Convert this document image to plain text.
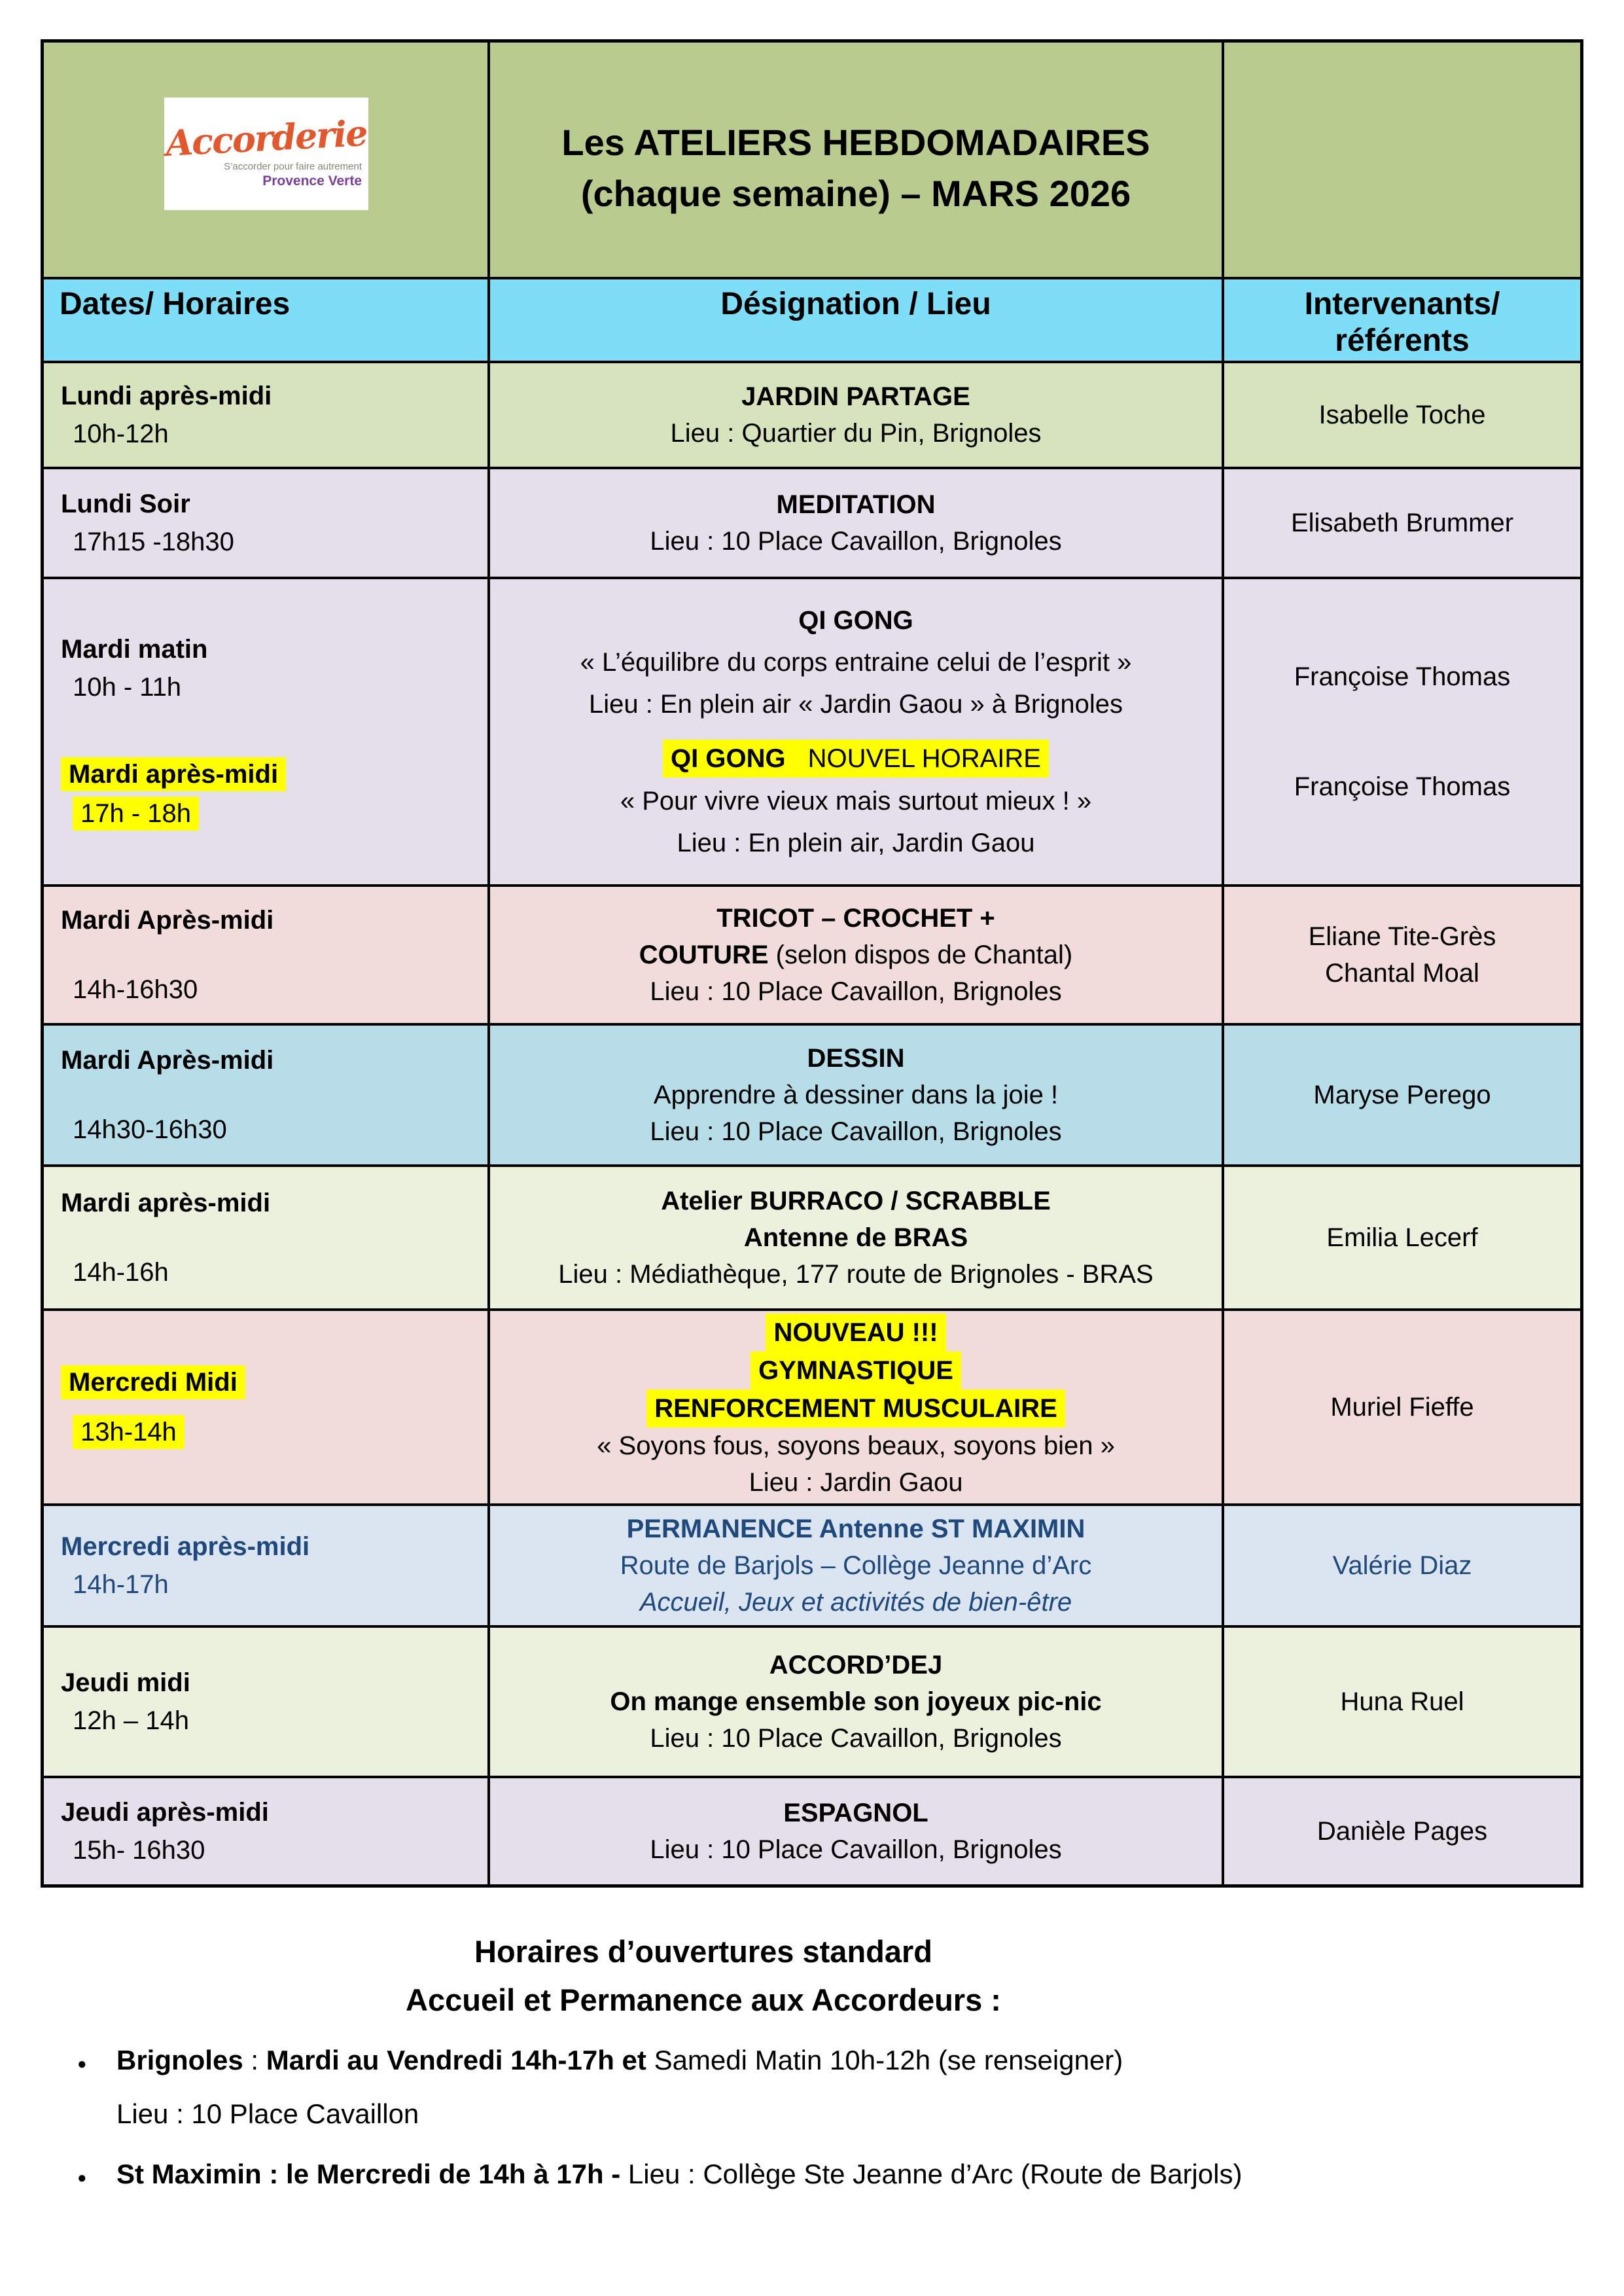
Accorderie
S’accorder pour faire autrement
Provence Verte
Les ATELIERS HEBDOMADAIRES
(chaque semaine) – MARS 2026
Dates/ Horaires	Désignation / Lieu	Intervenants/
référents
Lundi après-midi
10h-12h
JARDIN PARTAGE
Lieu : Quartier du Pin, Brignoles
Isabelle Toche
Lundi Soir
17h15 -18h30
MEDITATION
Lieu : 10 Place Cavaillon, Brignoles
Elisabeth Brummer
Mardi matin
10h - 11h
Mardi après-midi
17h - 18h
QI GONG
« L’équilibre du corps entraine celui de l’esprit »
Lieu : En plein air « Jardin Gaou » à Brignoles
QI GONG NOUVEL HORAIRE
« Pour vivre vieux mais surtout mieux ! »
Lieu : En plein air, Jardin Gaou
Françoise Thomas
Françoise Thomas
Mardi Après-midi
14h-16h30
TRICOT – CROCHET +
COUTURE (selon dispos de Chantal)
Lieu : 10 Place Cavaillon, Brignoles
Eliane Tite-Grès
Chantal Moal
Mardi Après-midi
14h30-16h30
DESSIN
Apprendre à dessiner dans la joie !
Lieu : 10 Place Cavaillon, Brignoles
Maryse Perego
Mardi après-midi
14h-16h
Atelier BURRACO / SCRABBLE
Antenne de BRAS
Lieu : Médiathèque, 177 route de Brignoles - BRAS
Emilia Lecerf
Mercredi Midi
13h-14h
NOUVEAU !!!
GYMNASTIQUE
RENFORCEMENT MUSCULAIRE
« Soyons fous, soyons beaux, soyons bien »
Lieu : Jardin Gaou
Muriel Fieffe
Mercredi après-midi
14h-17h
PERMANENCE Antenne ST MAXIMIN
Route de Barjols – Collège Jeanne d’Arc
Accueil, Jeux et activités de bien-être
Valérie Diaz
Jeudi midi
12h – 14h
ACCORD’DEJ
On mange ensemble son joyeux pic-nic
Lieu : 10 Place Cavaillon, Brignoles
Huna Ruel
Jeudi après-midi
15h- 16h30
ESPAGNOL
Lieu : 10 Place Cavaillon, Brignoles
Danièle Pages
Horaires d’ouvertures standard
Accueil et Permanence aux Accordeurs :
● Brignoles : Mardi au Vendredi 14h-17h et Samedi Matin 10h-12h (se renseigner)
Lieu : 10 Place Cavaillon
● St Maximin : le Mercredi de 14h à 17h - Lieu : Collège Ste Jeanne d’Arc (Route de Barjols)
